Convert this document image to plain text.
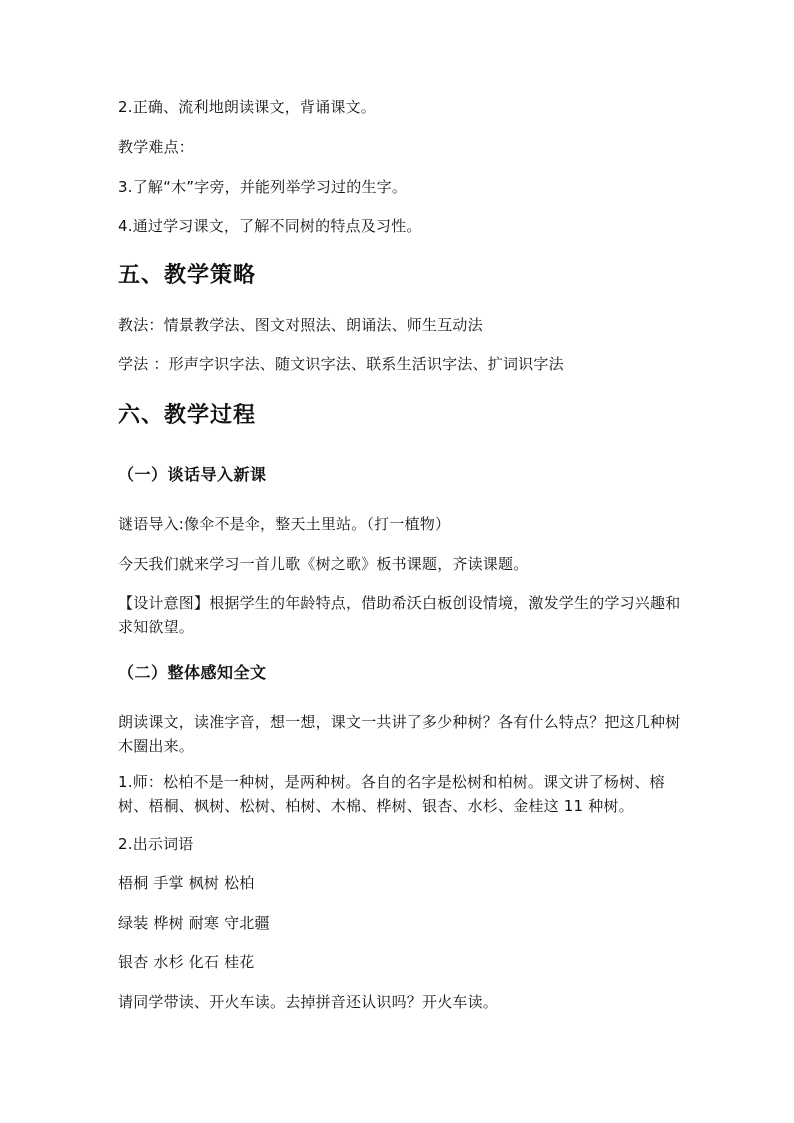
2.正确、流利地朗读课文，背诵课文。
教学难点：
3.了解“木”字旁，并能列举学习过的生字。
4.通过学习课文，了解不同树的特点及习性。
五、教学策略
教法：情景教学法、图文对照法、朗诵法、师生互动法
学法 ：形声字识字法、随文识字法、联系生活识字法、扩词识字法
六、教学过程
（一）谈话导入新课
谜语导入:像伞不是伞，整天土里站。（打一植物）
今天我们就来学习一首儿歌《树之歌》板书课题，齐读课题。
【设计意图】根据学生的年龄特点，借助希沃白板创设情境，激发学生的学习兴趣和求知欲望。
（二）整体感知全文
朗读课文，读准字音，想一想，课文一共讲了多少种树？各有什么特点？把这几种树木圈出来。
1.师：松柏不是一种树，是两种树。各自的名字是松树和柏树。课文讲了杨树、榕树、梧桐、枫树、松树、柏树、木棉、桦树、银杏、水杉、金桂这 11 种树。
2.出示词语
梧桐 手掌 枫树 松柏
绿装 桦树 耐寒 守北疆
银杏 水杉 化石 桂花
请同学带读、开火车读。去掉拼音还认识吗？开火车读。
